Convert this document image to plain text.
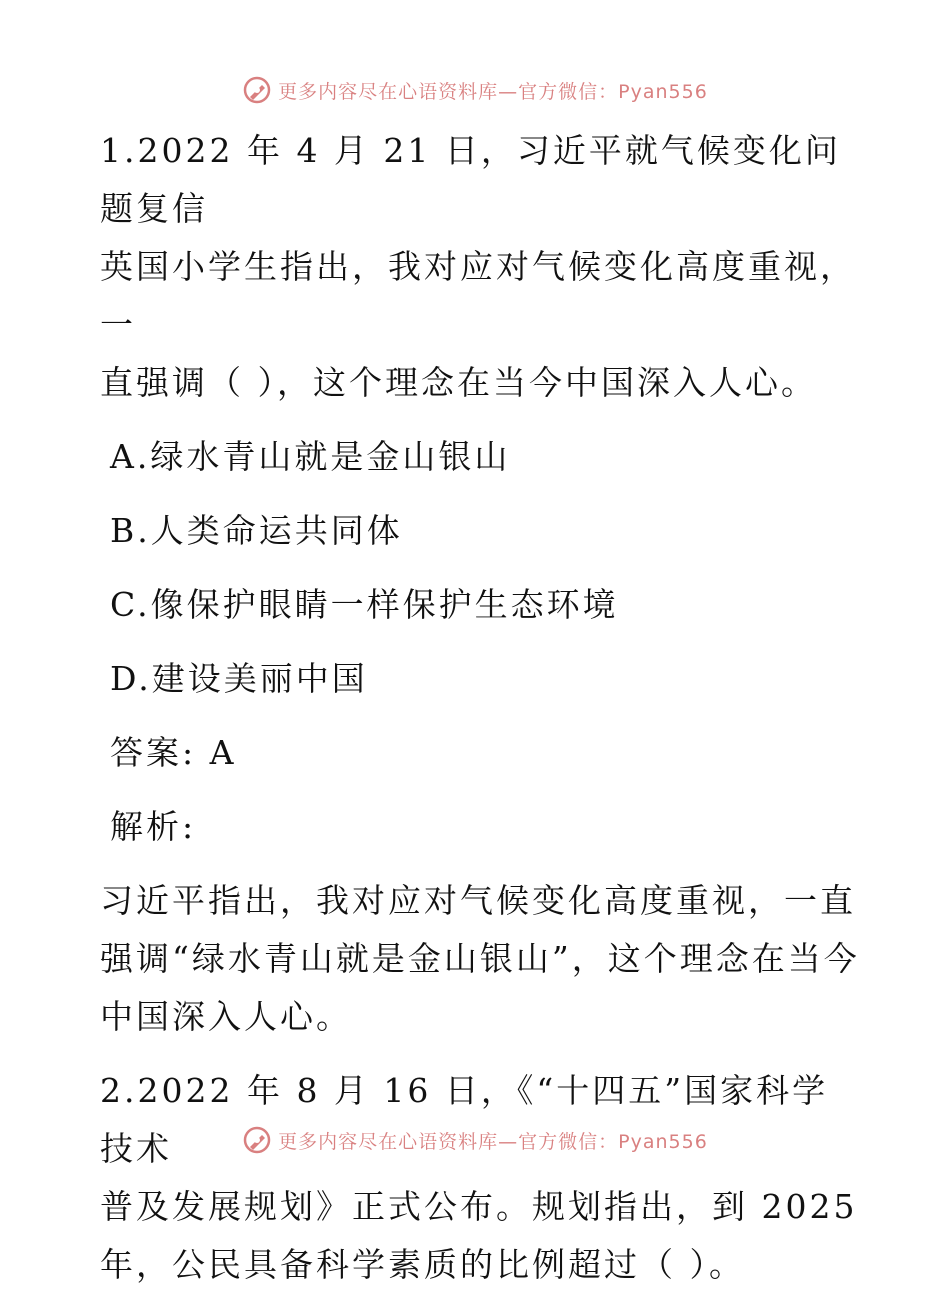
更多内容尽在心语资料库—官方微信：Pyan556

1.2022 年 4 月 21 日，习近平就气候变化问题复信

英国小学生指出，我对应对气候变化高度重视，一

直强调（ ），这个理念在当今中国深入人心。

A.绿水青山就是金山银山

B.人类命运共同体

C.像保护眼睛一样保护生态环境

D.建设美丽中国

答案: A

解析:

习近平指出，我对应对气候变化高度重视，一直

强调“绿水青山就是金山银山”，这个理念在当今

中国深入人心。

2.2022 年 8 月 16 日，《“十四五”国家科学技术

普及发展规划》正式公布。规划指出，到 2025

年，公民具备科学素质的比例超过（ ）。

更多内容尽在心语资料库—官方微信：Pyan556
